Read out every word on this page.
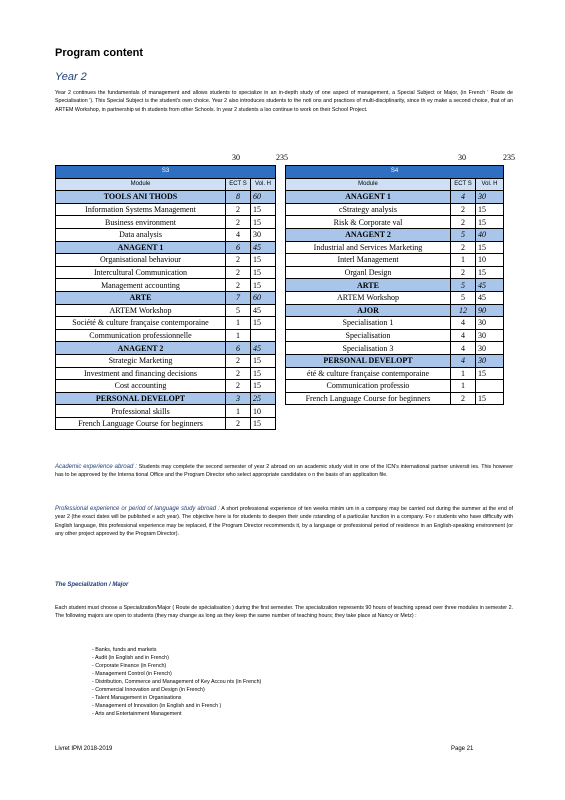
Program content
Year 2
Year 2 continues the fundamentals of management and allows students to specialize in an in-depth study of one aspect of management, a Special Subject or Major, (in French ' Route de Specialisation '). This Special Subject is the student's own choice. Year 2 also introduces students to the noti ons and practices of multi-disciplinarity, since th ey make a second choice, that of an ARTEM Workshop, in partnership wi th students from other Schools. In year 2 students a lso continue to work on their School Project.
30	235	30	235
S3		
Module	ECT S	Vol. H
TOOLS ANI THODS	8	60
Information Systems Management	2	15
Business environment	2	15
Data analysis	4	30
ANAGENT 1	6	45
Organisational behaviour	2	15
Intercultural Communication	2	15
Management accounting	2	15
ARTE	7	60
ARTEM Workshop	5	45
Société & culture française contemporaine	1	15
Communication professionnelle	1	
ANAGENT 2	6	45
Strategic Marketing	2	15
Investment and financing decisions	2	15
Cost accounting	2	15
PERSONAL DEVELOPT	3	25
Professional skills	1	10
French Language Course for beginners	2	15
S4		
Module	ECT S	Vol. H
ANAGENT 1	4	30
cStrategy analysis	2	15
Risk & Corporate val	2	15
ANAGENT 2	5	40
Industrial and Services Marketing	2	15
Interl Management	1	10
Organl Design	2	15
ARTE	5	45
ARTEM Workshop	5	45
AJOR	12	90
Specialisation 1	4	30
Specialisation	4	30
Specialisation 3	4	30
PERSONAL DEVELOPT	4	30
été & culture française contemporaine	1	15
Communication professio	1	
French Language Course for beginners	2	15
Academic experience abroad : Students may complete the second semester of year 2 abroad on an academic study visit in one of the ICN's international partner universit ies. This however has to be approved by the Interna tional Office and the Program Director who select appropriate candidates o n the basis of an application file.
Professional experience or period of language study abroad : A short professional experience of ten weeks minim um in a company may be carried out during the summer at the end of year 2 (the exact dates will be published e ach year). The objective here is for students to deepen their unde rstanding of a particular function in a company. Fo r students who have difficulty with English language, this professional experience may be replaced, if the Program Director recommends it, by a language or professional period of residence in an English-speaking environment (or any other project approved by the Program Director).
The Specialization / Major
Each student must choose a Specialization/Major ( Route de spécialisation ) during the first semester. The specialization represents 90 hours of teaching spread over three modules in semester 2. The following majors are open to students (they may change as long as they keep the same number of teaching hours; they take place at Nancy or Metz) :
- Banks, funds and markets
- Audit (in English and in French)
- Corporate Finance (in French)
- Management Control (in French)
- Distribution, Commerce and Management of Key Accou nts (in French)
- Commercial Innovation and Design (in French)
- Talent Management in Organisations
- Management of Innovation (in English and in French )
- Arts and Entertainment Management
Livret IPM 2018-2019	Page 21
